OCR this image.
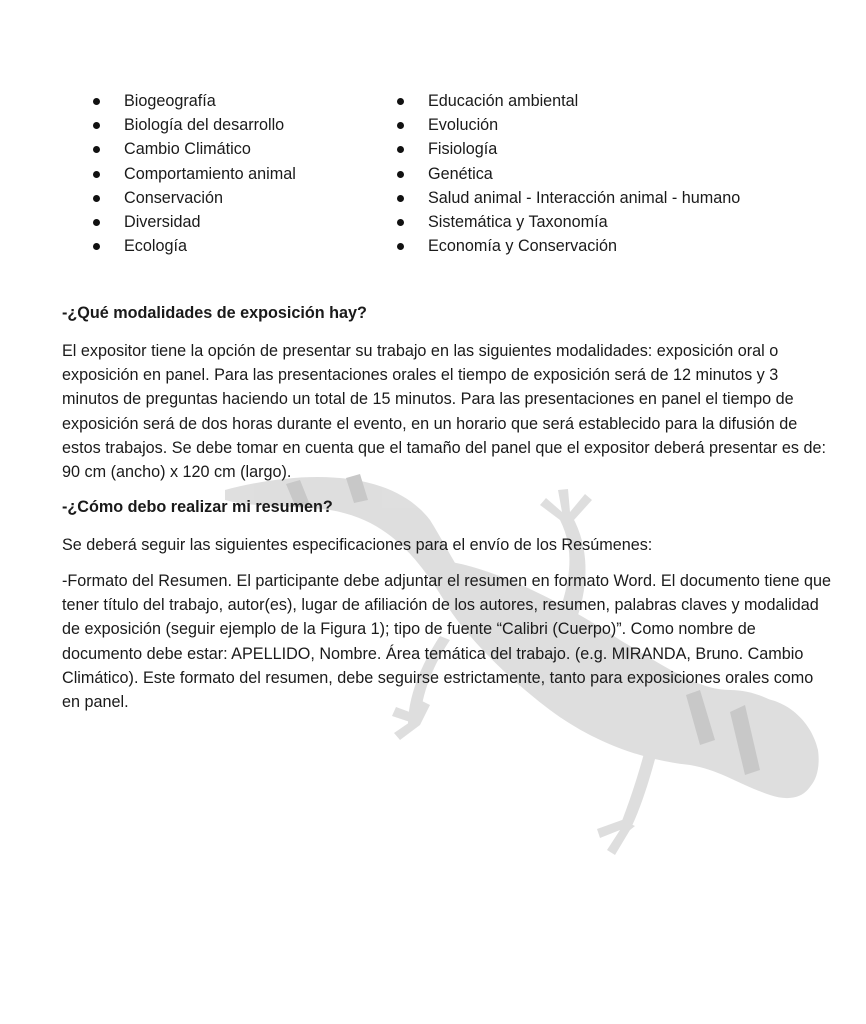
Biogeografía
Biología del desarrollo
Cambio Climático
Comportamiento animal
Conservación
Diversidad
Ecología
Educación ambiental
Evolución
Fisiología
Genética
Salud animal - Interacción animal - humano
Sistemática y Taxonomía
Economía y Conservación
-¿Qué modalidades de exposición hay?

El expositor tiene la opción de presentar su trabajo en las siguientes modalidades: exposición oral o exposición en panel. Para las presentaciones orales el tiempo de exposición será de 12 minutos y 3 minutos de preguntas haciendo un total de 15 minutos. Para las presentaciones en panel el tiempo de exposición será de dos horas durante el evento, en un horario que será establecido para la difusión de estos trabajos. Se debe tomar en cuenta que el tamaño del panel que el expositor deberá presentar es de: 90 cm (ancho) x 120 cm (largo).

-¿Cómo debo realizar mi resumen?

Se deberá seguir las siguientes especificaciones para el envío de los Resúmenes:

-Formato del Resumen. El participante debe adjuntar el resumen en formato Word. El documento tiene que tener título del trabajo, autor(es), lugar de afiliación de los autores, resumen, palabras claves y modalidad de exposición (seguir ejemplo de la Figura 1); tipo de fuente “Calibri (Cuerpo)”. Como nombre de documento debe estar: APELLIDO, Nombre. Área temática del trabajo. (e.g. MIRANDA, Bruno. Cambio Climático). Este formato del resumen, debe seguirse estrictamente, tanto para exposiciones orales como en panel.
